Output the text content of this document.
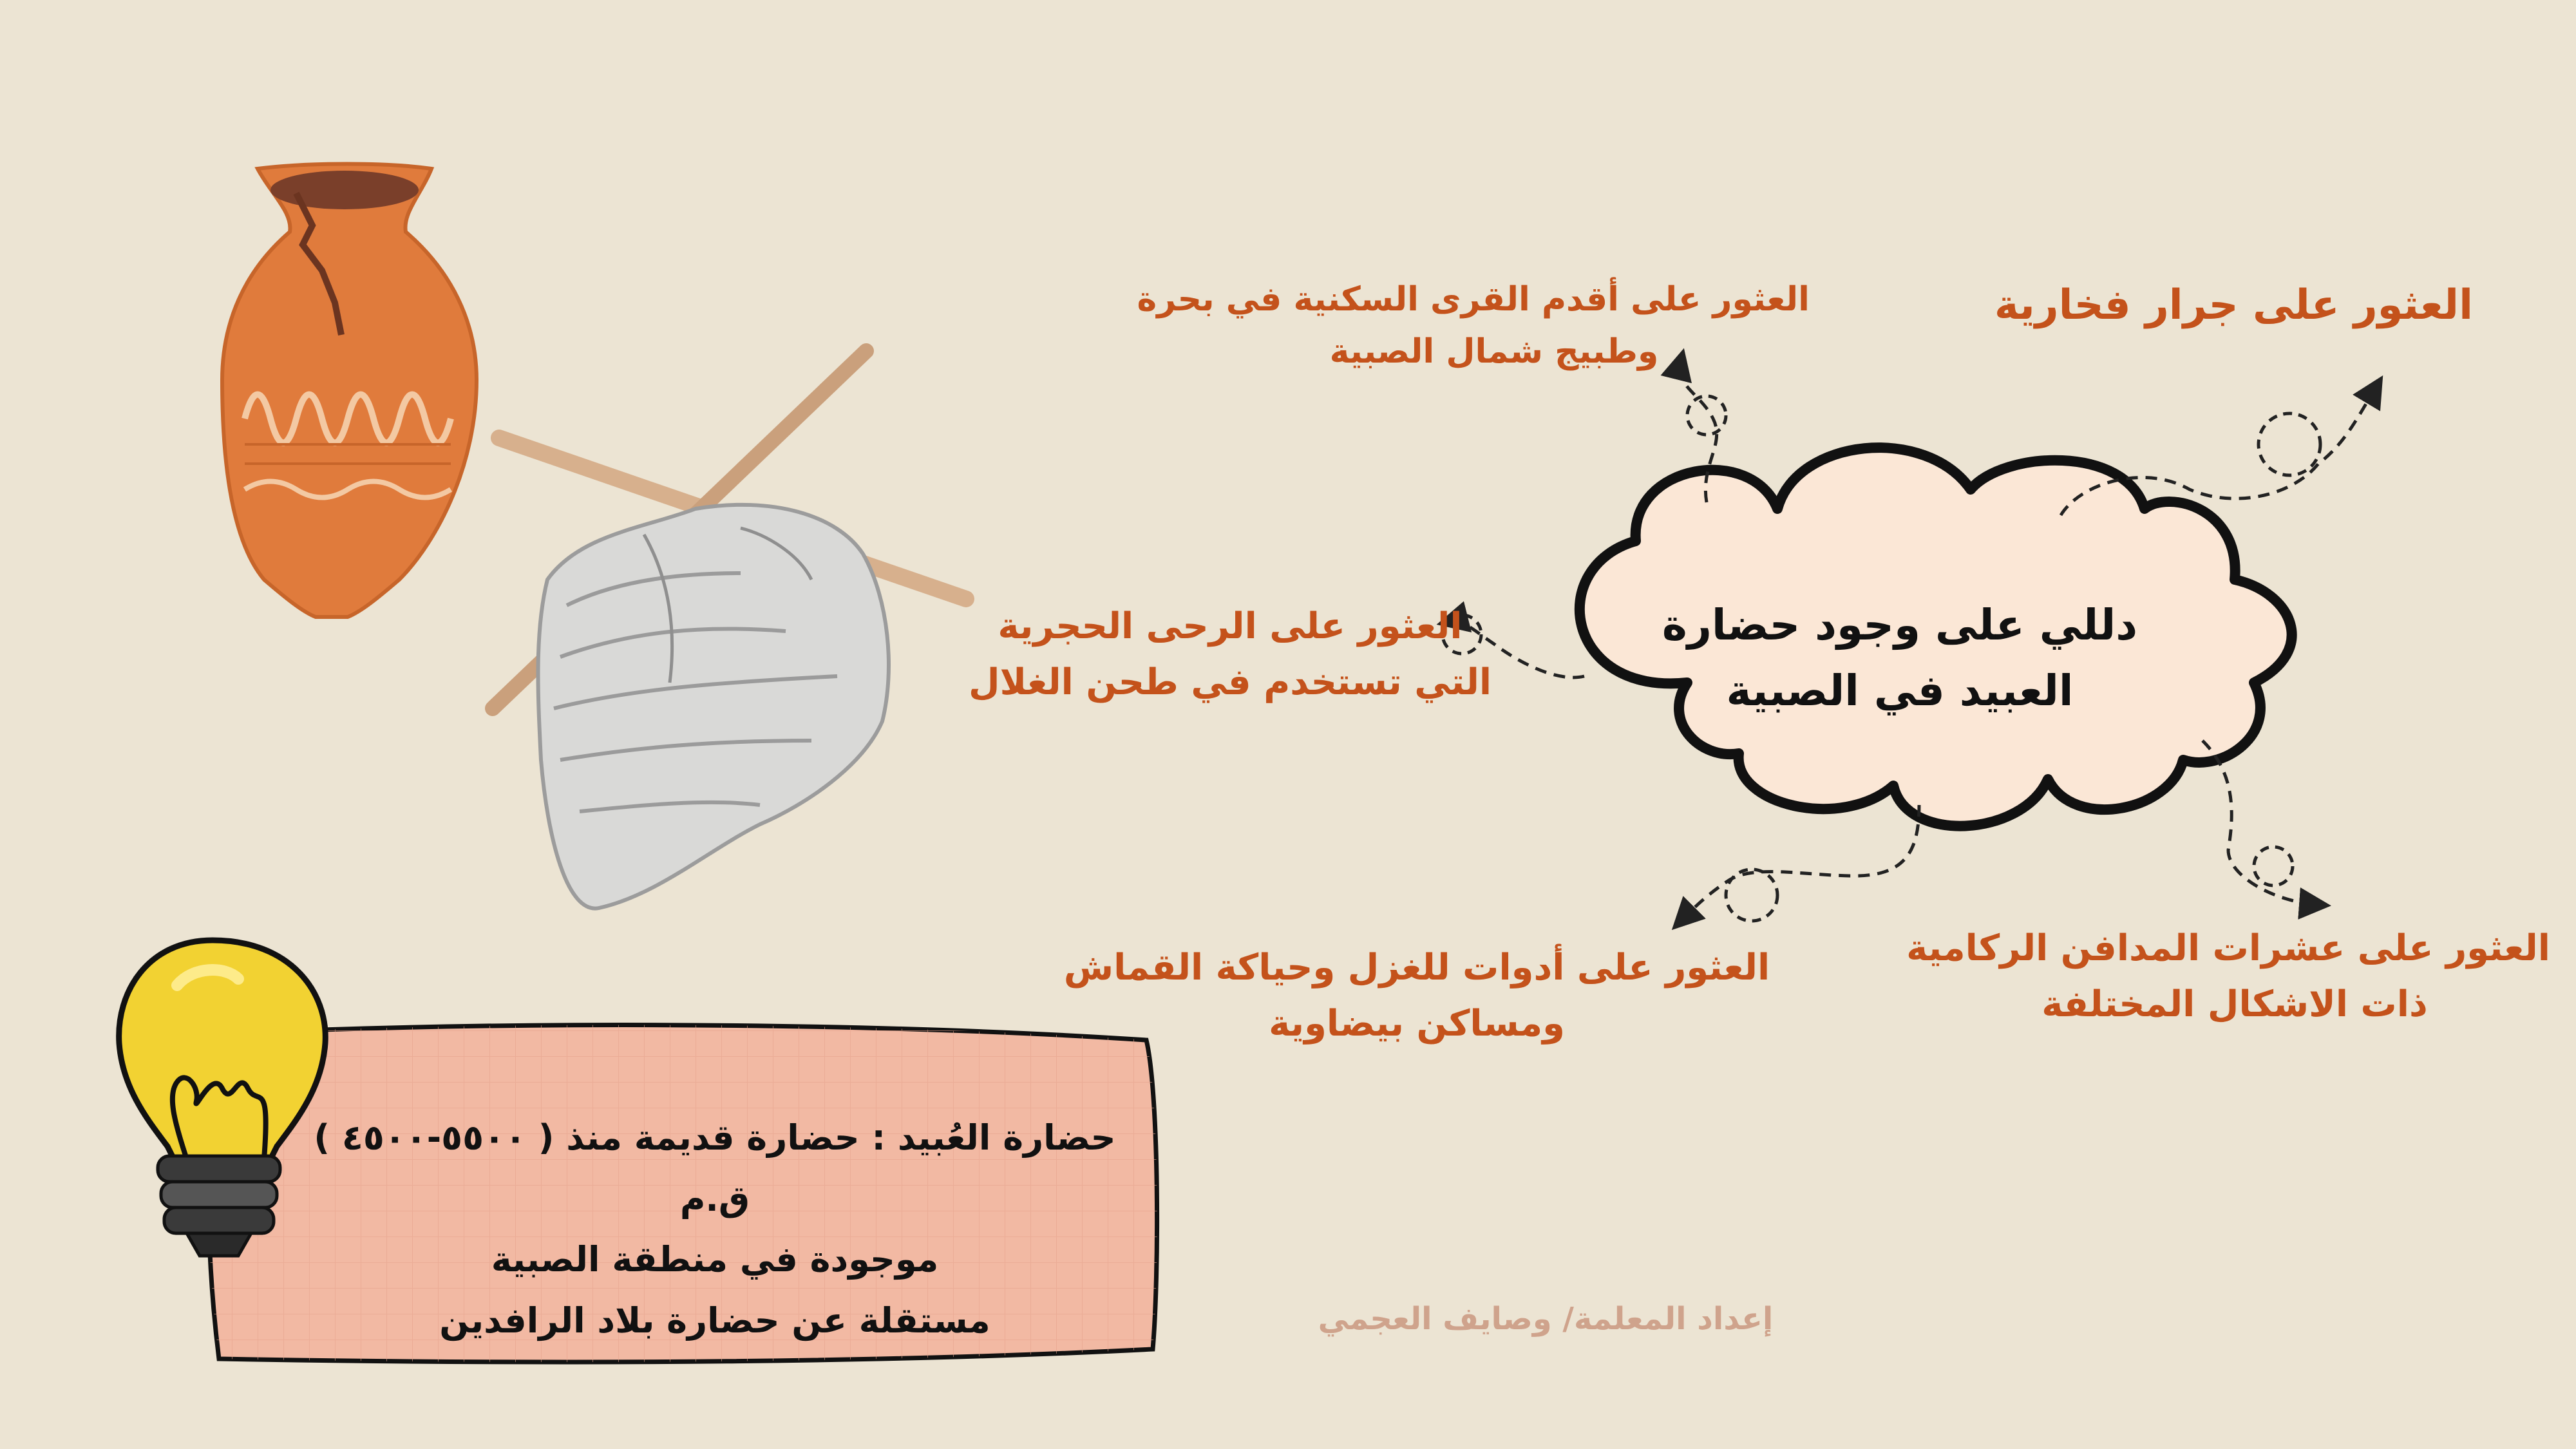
دللي على وجود حضارة
العبيد في الصبية
العثور على جرار فخارية
العثور على أقدم القرى السكنية في بحرة
وطبيج شمال الصبية
العثور على الرحى الحجرية
التي تستخدم في طحن الغلال
العثور على أدوات للغزل وحياكة القماش
ومساكن بيضاوية
العثور على عشرات المدافن الركامية
ذات الاشكال المختلفة
حضارة العُبيد : حضارة قديمة منذ ( ٥٥٠٠-٤٥٠٠ ) ق.م
موجودة في منطقة الصبية
مستقلة عن حضارة بلاد الرافدين	إعداد المعلمة/ وصايف العجمي
